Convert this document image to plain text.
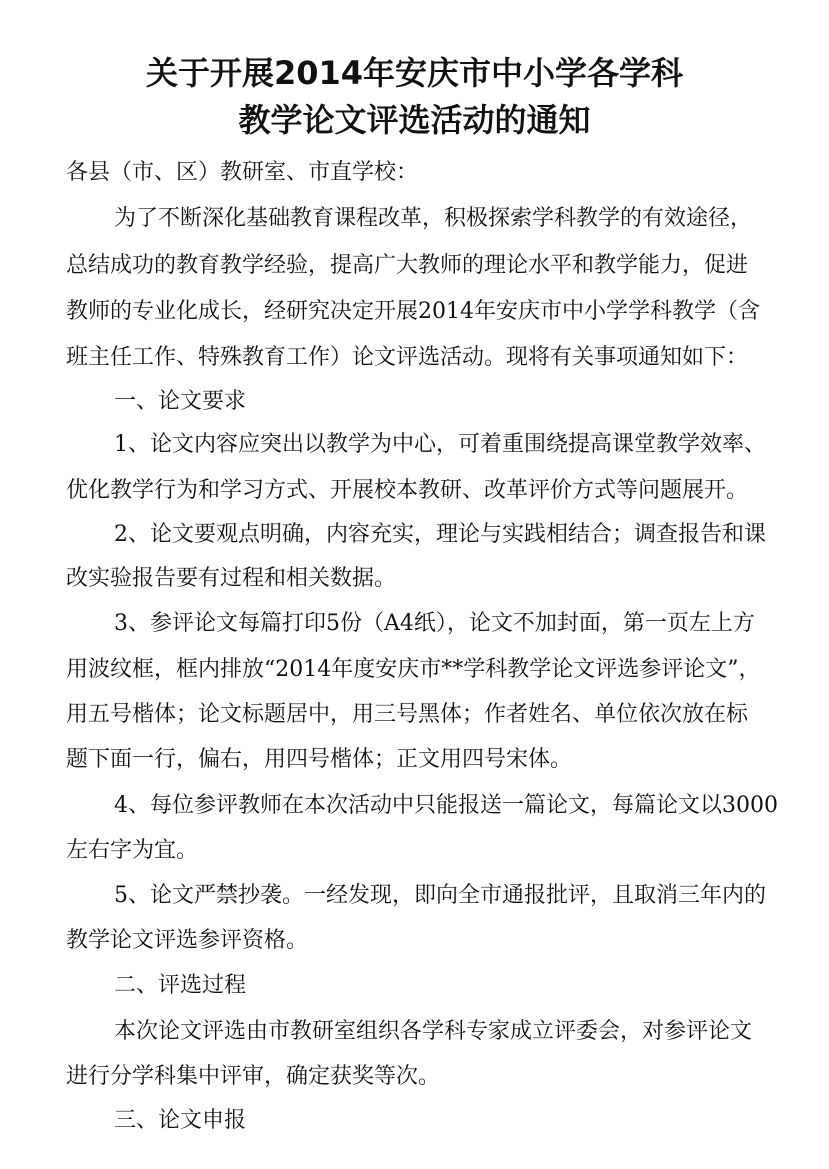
关于开展2014年安庆市中小学各学科
教学论文评选活动的通知
各县（市、区）教研室、市直学校：
为了不断深化基础教育课程改革，积极探索学科教学的有效途径，
总结成功的教育教学经验，提高广大教师的理论水平和教学能力，促进
教师的专业化成长，经研究决定开展2014年安庆市中小学学科教学（含
班主任工作、特殊教育工作）论文评选活动。现将有关事项通知如下：
一、论文要求
1、论文内容应突出以教学为中心，可着重围绕提高课堂教学效率、
优化教学行为和学习方式、开展校本教研、改革评价方式等问题展开。
2、论文要观点明确，内容充实，理论与实践相结合；调查报告和课
改实验报告要有过程和相关数据。
3、参评论文每篇打印5份（A4纸），论文不加封面，第一页左上方
用波纹框，框内排放“2014年度安庆市**学科教学论文评选参评论文”，
用五号楷体；论文标题居中，用三号黑体；作者姓名、单位依次放在标
题下面一行，偏右，用四号楷体；正文用四号宋体。
4、每位参评教师在本次活动中只能报送一篇论文，每篇论文以3000
左右字为宜。
5、论文严禁抄袭。一经发现，即向全市通报批评，且取消三年内的
教学论文评选参评资格。
二、评选过程
本次论文评选由市教研室组织各学科专家成立评委会，对参评论文
进行分学科集中评审，确定获奖等次。
三、论文申报
